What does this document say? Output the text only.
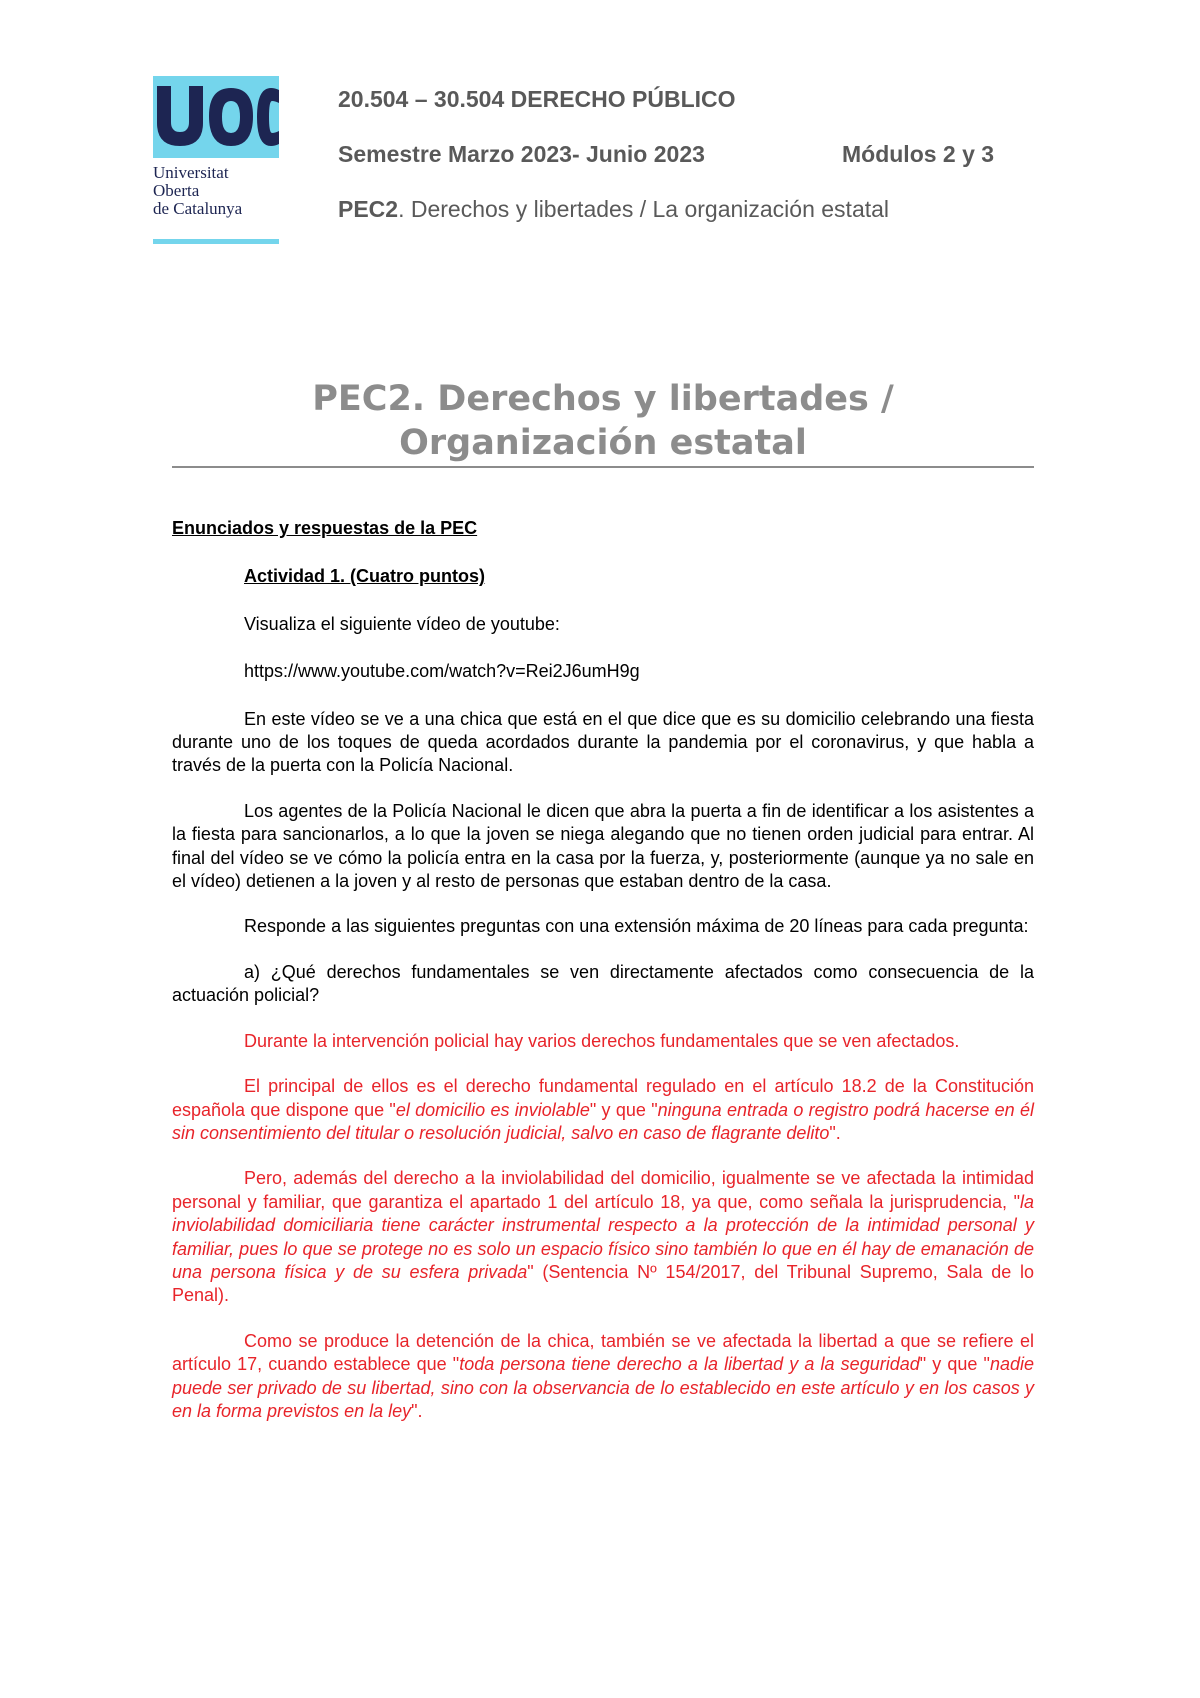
Universitat
Oberta
de Catalunya
20.504 – 30.504 DERECHO PÚBLICO
Semestre Marzo 2023- Junio 2023	Módulos 2 y 3
PEC2. Derechos y libertades / La organización estatal
PEC2. Derechos y libertades /
Organización estatal

Enunciados y respuestas de la PEC

Actividad 1. (Cuatro puntos)

Visualiza el siguiente vídeo de youtube:

https://www.youtube.com/watch?v=Rei2J6umH9g

En este vídeo se ve a una chica que está en el que dice que es su domicilio celebrando una fiesta durante uno de los toques de queda acordados durante la pandemia por el coronavirus, y que habla a través de la puerta con la Policía Nacional.

Los agentes de la Policía Nacional le dicen que abra la puerta a fin de identificar a los asistentes a la fiesta para sancionarlos, a lo que la joven se niega alegando que no tienen orden judicial para entrar. Al final del vídeo se ve cómo la policía entra en la casa por la fuerza, y, posteriormente (aunque ya no sale en el vídeo) detienen a la joven y al resto de personas que estaban dentro de la casa.

Responde a las siguientes preguntas con una extensión máxima de 20 líneas para cada pregunta:

a) ¿Qué derechos fundamentales se ven directamente afectados como consecuencia de la actuación policial?

Durante la intervención policial hay varios derechos fundamentales que se ven afectados.

El principal de ellos es el derecho fundamental regulado en el artículo 18.2 de la Constitución española que dispone que "el domicilio es inviolable" y que "ninguna entrada o registro podrá hacerse en él sin consentimiento del titular o resolución judicial, salvo en caso de flagrante delito".

Pero, además del derecho a la inviolabilidad del domicilio, igualmente se ve afectada la intimidad personal y familiar, que garantiza el apartado 1 del artículo 18, ya que, como señala la jurisprudencia, "la inviolabilidad domiciliaria tiene carácter instrumental respecto a la protección de la intimidad personal y familiar, pues lo que se protege no es solo un espacio físico sino también lo que en él hay de emanación de una persona física y de su esfera privada" (Sentencia Nº 154/2017, del Tribunal Supremo, Sala de lo Penal).

Como se produce la detención de la chica, también se ve afectada la libertad a que se refiere el artículo 17, cuando establece que "toda persona tiene derecho a la libertad y a la seguridad" y que "nadie puede ser privado de su libertad, sino con la observancia de lo establecido en este artículo y en los casos y en la forma previstos en la ley".
